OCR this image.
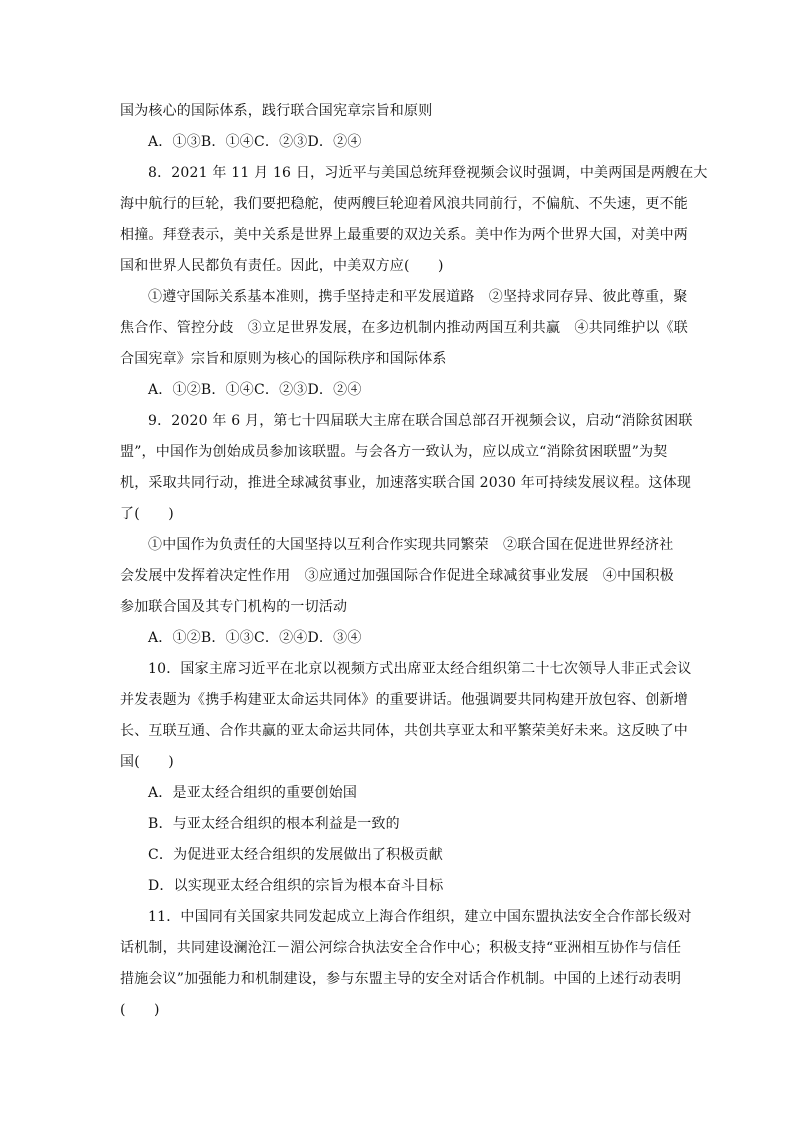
国为核心的国际体系，践行联合国宪章宗旨和原则
A．①③B．①④C．②③D．②④
8．2021 年 11 月 16 日，习近平与美国总统拜登视频会议时强调，中美两国是两艘在大
海中航行的巨轮，我们要把稳舵，使两艘巨轮迎着风浪共同前行，不偏航、不失速，更不能
相撞。拜登表示，美中关系是世界上最重要的双边关系。美中作为两个世界大国，对美中两
国和世界人民都负有责任。因此，中美双方应(　　)
①遵守国际关系基本准则，携手坚持走和平发展道路　②坚持求同存异、彼此尊重，聚
焦合作、管控分歧　③立足世界发展，在多边机制内推动两国互利共赢　④共同维护以《联
合国宪章》宗旨和原则为核心的国际秩序和国际体系
A．①②B．①④C．②③D．②④
9．2020 年 6 月，第七十四届联大主席在联合国总部召开视频会议，启动“消除贫困联
盟”，中国作为创始成员参加该联盟。与会各方一致认为，应以成立“消除贫困联盟”为契
机，采取共同行动，推进全球减贫事业，加速落实联合国 2030 年可持续发展议程。这体现
了(　　)
①中国作为负责任的大国坚持以互利合作实现共同繁荣　②联合国在促进世界经济社
会发展中发挥着决定性作用　③应通过加强国际合作促进全球减贫事业发展　④中国积极
参加联合国及其专门机构的一切活动
A．①②B．①③C．②④D．③④
10．国家主席习近平在北京以视频方式出席亚太经合组织第二十七次领导人非正式会议
并发表题为《携手构建亚太命运共同体》的重要讲话。他强调要共同构建开放包容、创新增
长、互联互通、合作共赢的亚太命运共同体，共创共享亚太和平繁荣美好未来。这反映了中
国(　　)
A．是亚太经合组织的重要创始国
B．与亚太经合组织的根本利益是一致的
C．为促进亚太经合组织的发展做出了积极贡献
D．以实现亚太经合组织的宗旨为根本奋斗目标
11．中国同有关国家共同发起成立上海合作组织，建立中国东盟执法安全合作部长级对
话机制，共同建设澜沧江－湄公河综合执法安全合作中心；积极支持“亚洲相互协作与信任
措施会议”加强能力和机制建设，参与东盟主导的安全对话合作机制。中国的上述行动表明
(　　)
